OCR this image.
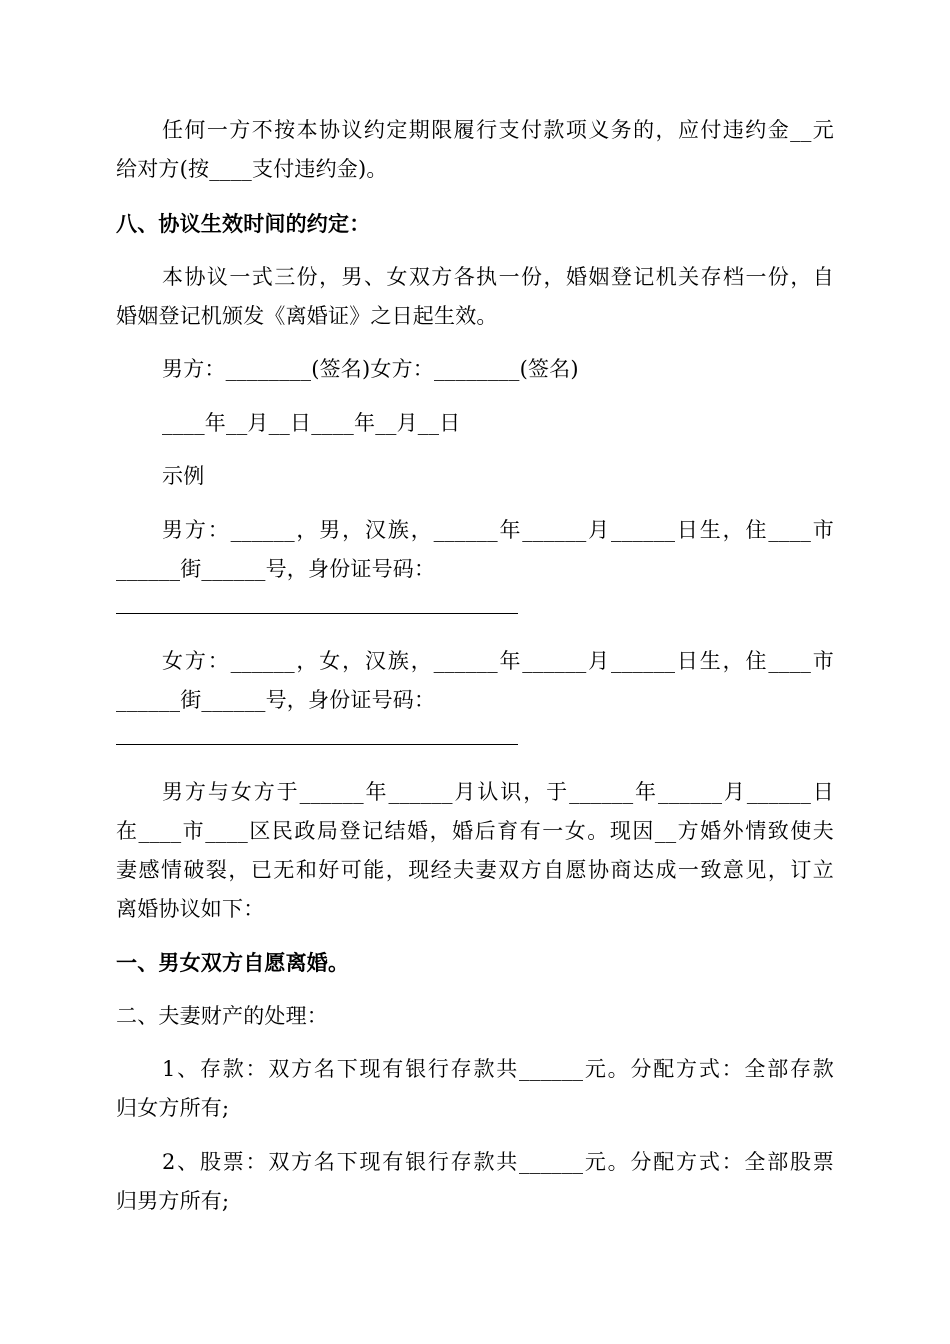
任何一方不按本协议约定期限履行支付款项义务的，应付违约金__元
给对方(按____支付违约金)。
八、协议生效时间的约定：
本协议一式三份，男、女双方各执一份，婚姻登记机关存档一份，自
婚姻登记机颁发《离婚证》之日起生效。
男方：________(签名)女方：________(签名)
____年__月__日____年__月__日
示例
男方：______，男，汉族，______年______月______日生，住____市
______街______号，身份证号码：
女方：______，女，汉族，______年______月______日生，住____市
______街______号，身份证号码：
男方与女方于______年______月认识，于______年______月______日
在____市____区民政局登记结婚，婚后育有一女。现因__方婚外情致使夫
妻感情破裂，已无和好可能，现经夫妻双方自愿协商达成一致意见，订立
离婚协议如下：
一、男女双方自愿离婚。
二、夫妻财产的处理：
1、存款：双方名下现有银行存款共______元。分配方式：全部存款
归女方所有;
2、股票：双方名下现有银行存款共______元。分配方式：全部股票
归男方所有;
